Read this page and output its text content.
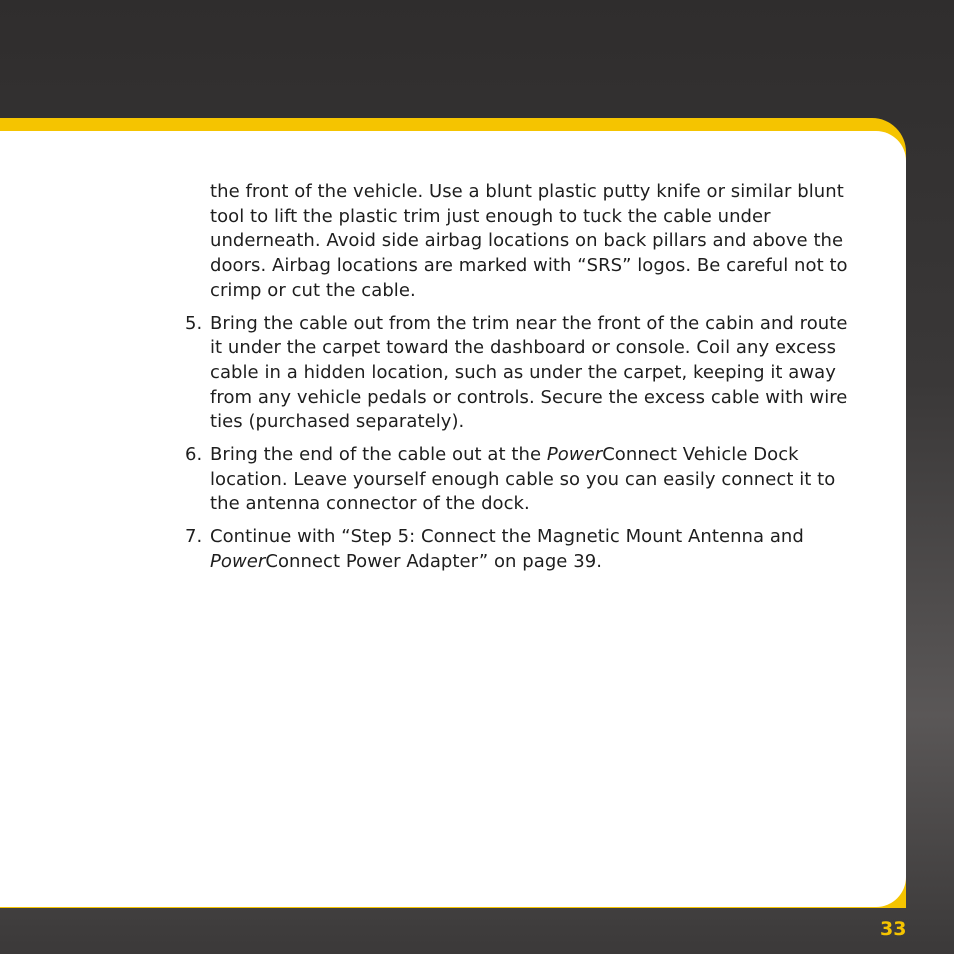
the front of the vehicle. Use a blunt plastic putty knife or similar blunt tool to lift the plastic trim just enough to tuck the cable under underneath. Avoid side airbag locations on back pillars and above the doors. Airbag locations are marked with “SRS” logos. Be careful not to crimp or cut the cable.

5. Bring the cable out from the trim near the front of the cabin and route it under the carpet toward the dashboard or console. Coil any excess cable in a hidden location, such as under the carpet, keeping it away from any vehicle pedals or controls. Secure the excess cable with wire ties (purchased separately).
6. Bring the end of the cable out at the PowerConnect Vehicle Dock location. Leave yourself enough cable so you can easily connect it to the antenna connector of the dock.
7. Continue with “Step 5: Connect the Magnetic Mount Antenna and PowerConnect Power Adapter” on page 39.
33
